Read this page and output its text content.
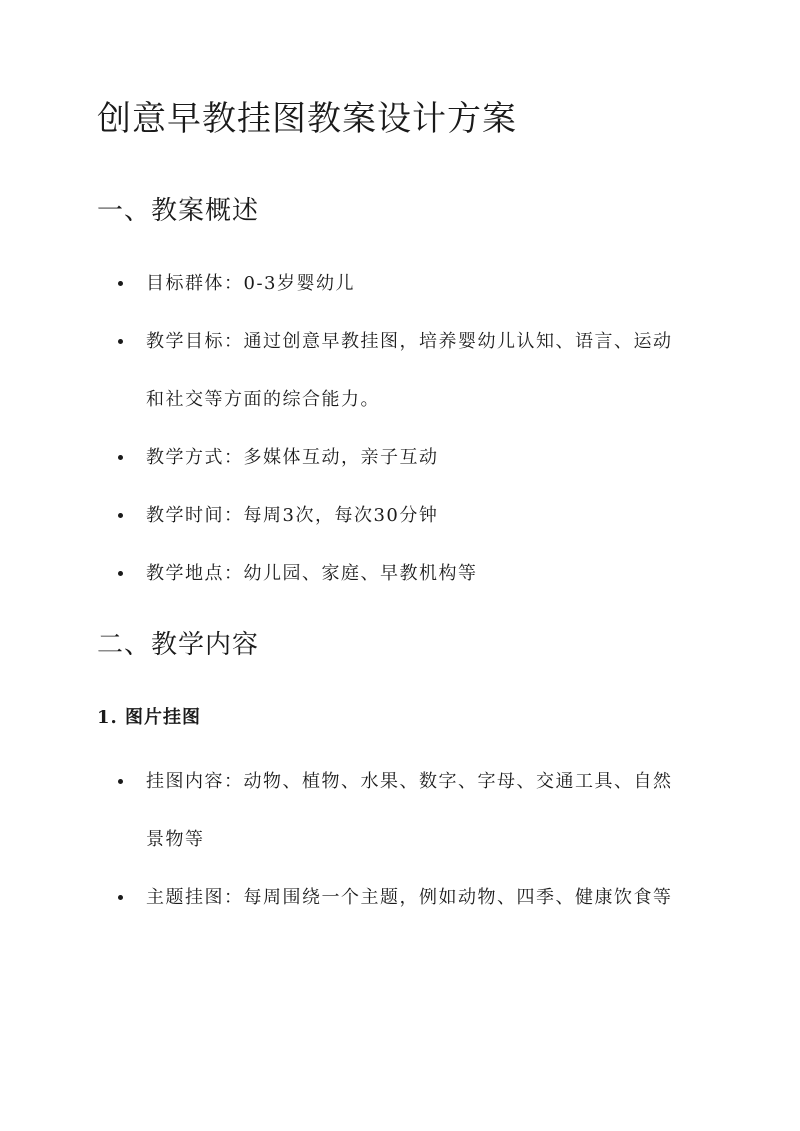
创意早教挂图教案设计方案
一、教案概述
目标群体：0-3岁婴幼儿
教学目标：通过创意早教挂图，培养婴幼儿认知、语言、运动和社交等方面的综合能力。
教学方式：多媒体互动，亲子互动
教学时间：每周3次，每次30分钟
教学地点：幼儿园、家庭、早教机构等
二、教学内容
1. 图片挂图
挂图内容：动物、植物、水果、数字、字母、交通工具、自然景物等
主题挂图：每周围绕一个主题，例如动物、四季、健康饮食等
